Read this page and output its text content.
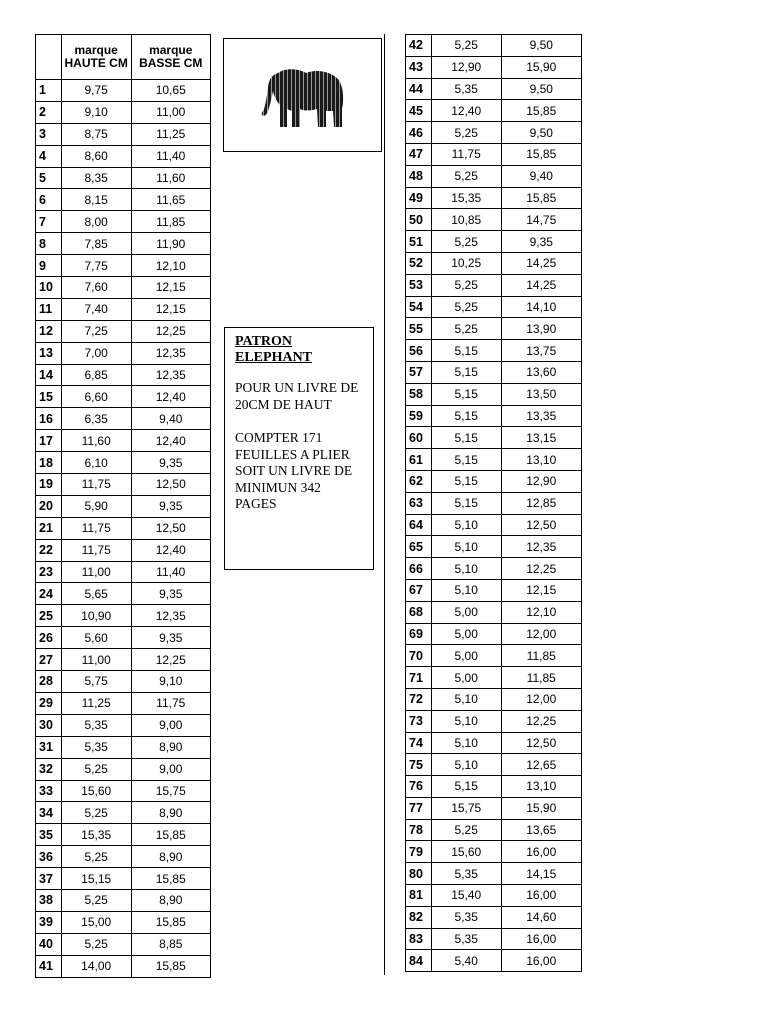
	marque HAUTE CM	marque BASSE CM
1	9,75	10,65
2	9,10	11,00
3	8,75	11,25
4	8,60	11,40
5	8,35	11,60
6	8,15	11,65
7	8,00	11,85
8	7,85	11,90
9	7,75	12,10
10	7,60	12,15
11	7,40	12,15
12	7,25	12,25
13	7,00	12,35
14	6,85	12,35
15	6,60	12,40
16	6,35	9,40
17	11,60	12,40
18	6,10	9,35
19	11,75	12,50
20	5,90	9,35
21	11,75	12,50
22	11,75	12,40
23	11,00	11,40
24	5,65	9,35
25	10,90	12,35
26	5,60	9,35
27	11,00	12,25
28	5,75	9,10
29	11,25	11,75
30	5,35	9,00
31	5,35	8,90
32	5,25	9,00
33	15,60	15,75
34	5,25	8,90
35	15,35	15,85
36	5,25	8,90
37	15,15	15,85
38	5,25	8,90
39	15,00	15,85
40	5,25	8,85
41	14,00	15,85
PATRON ELEPHANT

POUR UN LIVRE DE 20CM DE HAUT

COMPTER 171 FEUILLES A PLIER SOIT UN LIVRE DE MINIMUN 342 PAGES

42	5,25	9,50
43	12,90	15,90
44	5,35	9,50
45	12,40	15,85
46	5,25	9,50
47	11,75	15,85
48	5,25	9,40
49	15,35	15,85
50	10,85	14,75
51	5,25	9,35
52	10,25	14,25
53	5,25	14,25
54	5,25	14,10
55	5,25	13,90
56	5,15	13,75
57	5,15	13,60
58	5,15	13,50
59	5,15	13,35
60	5,15	13,15
61	5,15	13,10
62	5,15	12,90
63	5,15	12,85
64	5,10	12,50
65	5,10	12,35
66	5,10	12,25
67	5,10	12,15
68	5,00	12,10
69	5,00	12,00
70	5,00	11,85
71	5,00	11,85
72	5,10	12,00
73	5,10	12,25
74	5,10	12,50
75	5,10	12,65
76	5,15	13,10
77	15,75	15,90
78	5,25	13,65
79	15,60	16,00
80	5,35	14,15
81	15,40	16,00
82	5,35	14,60
83	5,35	16,00
84	5,40	16,00
